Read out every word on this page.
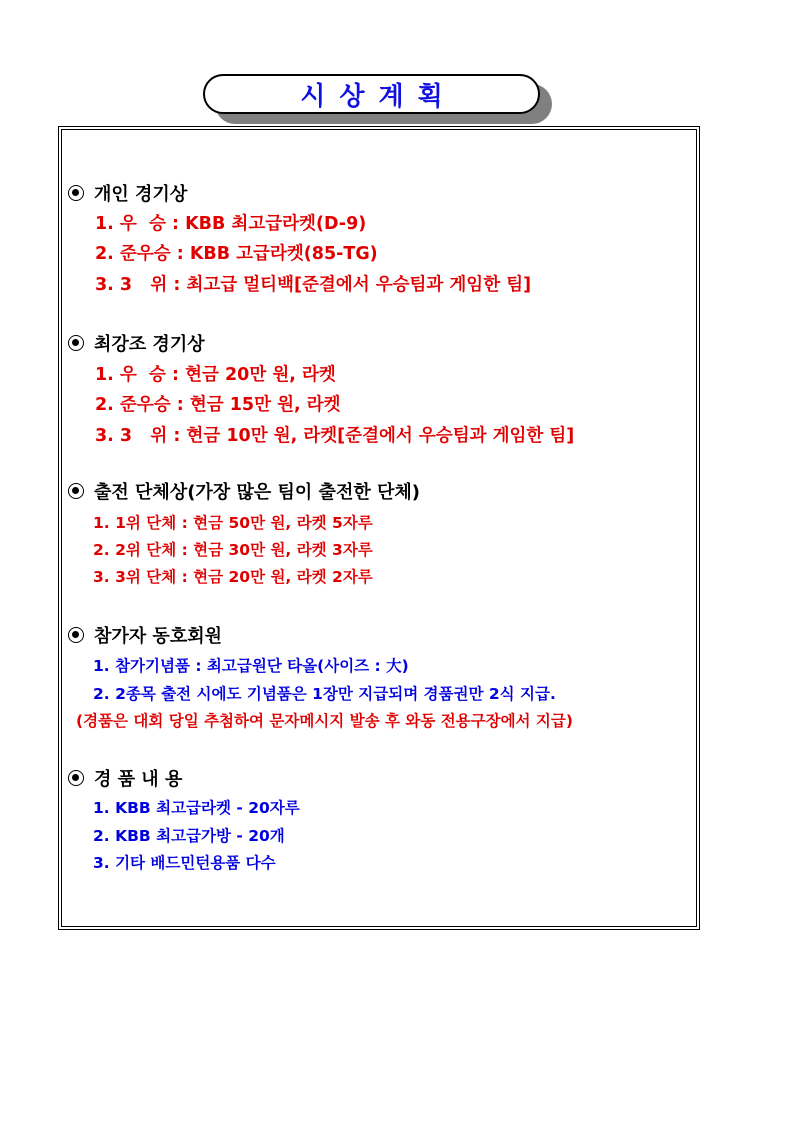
시상계획
개인 경기상
1. 우  승 : KBB 최고급라켓(D-9)
2. 준우승 : KBB 고급라켓(85-TG)
3. 3   위 : 최고급 멀티백[준결에서 우승팀과 게임한 팀]
최강조 경기상
1. 우  승 : 현금 20만 원, 라켓
2. 준우승 : 현금 15만 원, 라켓
3. 3   위 : 현금 10만 원, 라켓[준결에서 우승팀과 게임한 팀]
출전 단체상(가장 많은 팀이 출전한 단체)
1. 1위 단체 : 현금 50만 원, 라켓 5자루
2. 2위 단체 : 현금 30만 원, 라켓 3자루
3. 3위 단체 : 현금 20만 원, 라켓 2자루
참가자 동호회원
1. 참가기념품 : 최고급원단 타올(사이즈 : 大)
2. 2종목 출전 시에도 기념품은 1장만 지급되며 경품권만 2식 지급.
(경품은 대회 당일 추첨하여 문자메시지 발송 후 와동 전용구장에서 지급)
경 품 내 용
1. KBB 최고급라켓 - 20자루
2. KBB 최고급가방 - 20개
3. 기타 배드민턴용품 다수
